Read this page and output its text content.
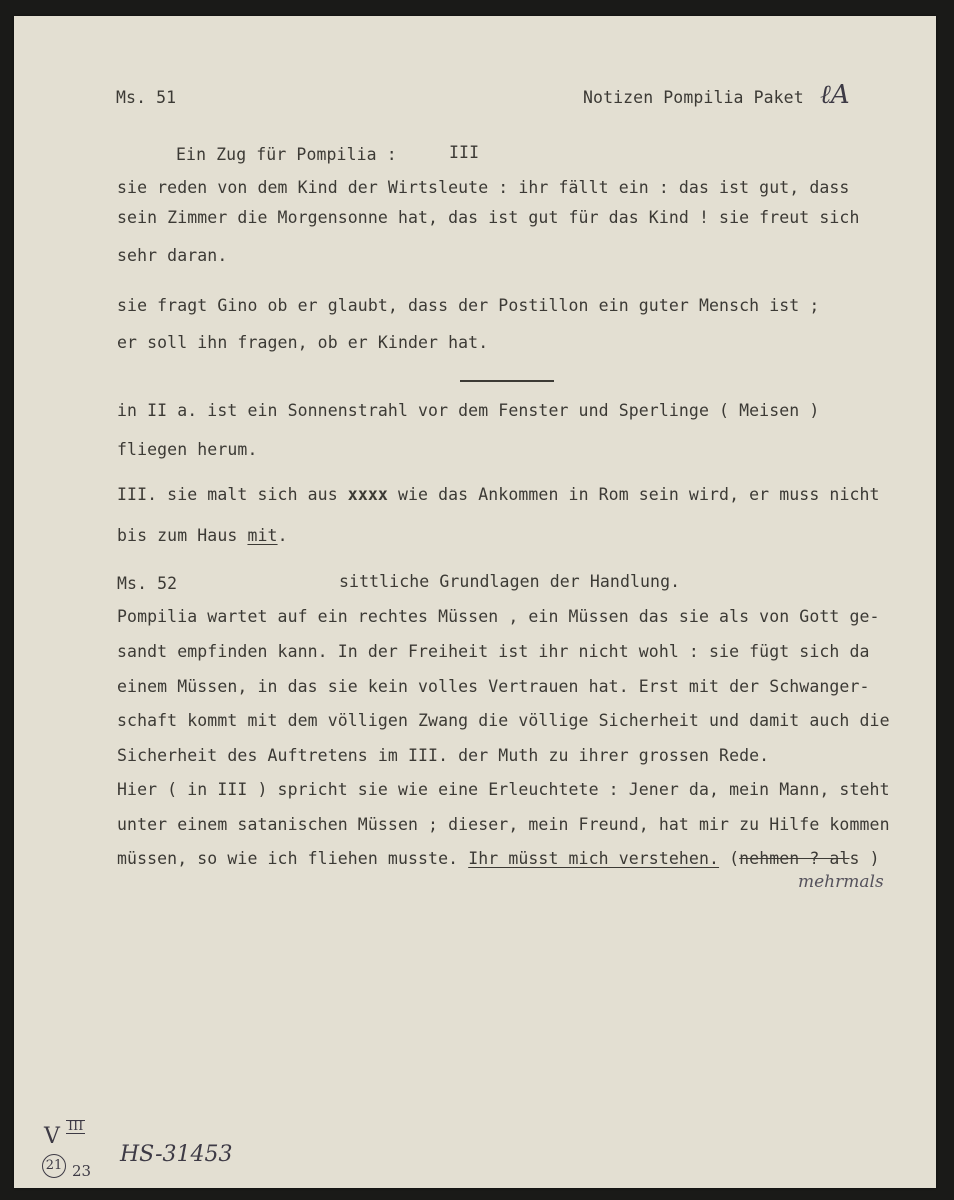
Ms. 51	Notizen Pompilia Paket ℓA
Ein Zug für Pompilia :	III
sie reden von dem Kind der Wirtsleute : ihr fällt ein : das ist gut, dass
sein Zimmer die Morgensonne hat, das ist gut für das Kind ! sie freut sich
sehr daran.
sie fragt Gino ob er glaubt, dass der Postillon ein guter Mensch ist ;
er soll ihn fragen, ob er Kinder hat.
in II a. ist ein Sonnenstrahl vor dem Fenster und Sperlinge ( Meisen )
fliegen herum.
III. sie malt sich aus xxxx wie das Ankommen in Rom sein wird, er muss nicht
bis zum Haus mit.
Ms. 52	sittliche Grundlagen der Handlung.
Pompilia wartet auf ein rechtes Müssen , ein Müssen das sie als von Gott ge-
sandt empfinden kann. In der Freiheit ist ihr nicht wohl : sie fügt sich da
einem Müssen, in das sie kein volles Vertrauen hat. Erst mit der Schwanger-
schaft kommt mit dem völligen Zwang die völlige Sicherheit und damit auch die
Sicherheit des Auftretens im III. der Muth zu ihrer grossen Rede.
Hier ( in III ) spricht sie wie eine Erleuchtete : Jener da, mein Mann, steht
unter einem satanischen Müssen ; dieser, mein Freund, hat mir zu Hilfe kommen
müssen, so wie ich fliehen musste. Ihr müsst mich verstehen. (nehmen ? als )
mehrmals
V III
21 23
HS-31453
